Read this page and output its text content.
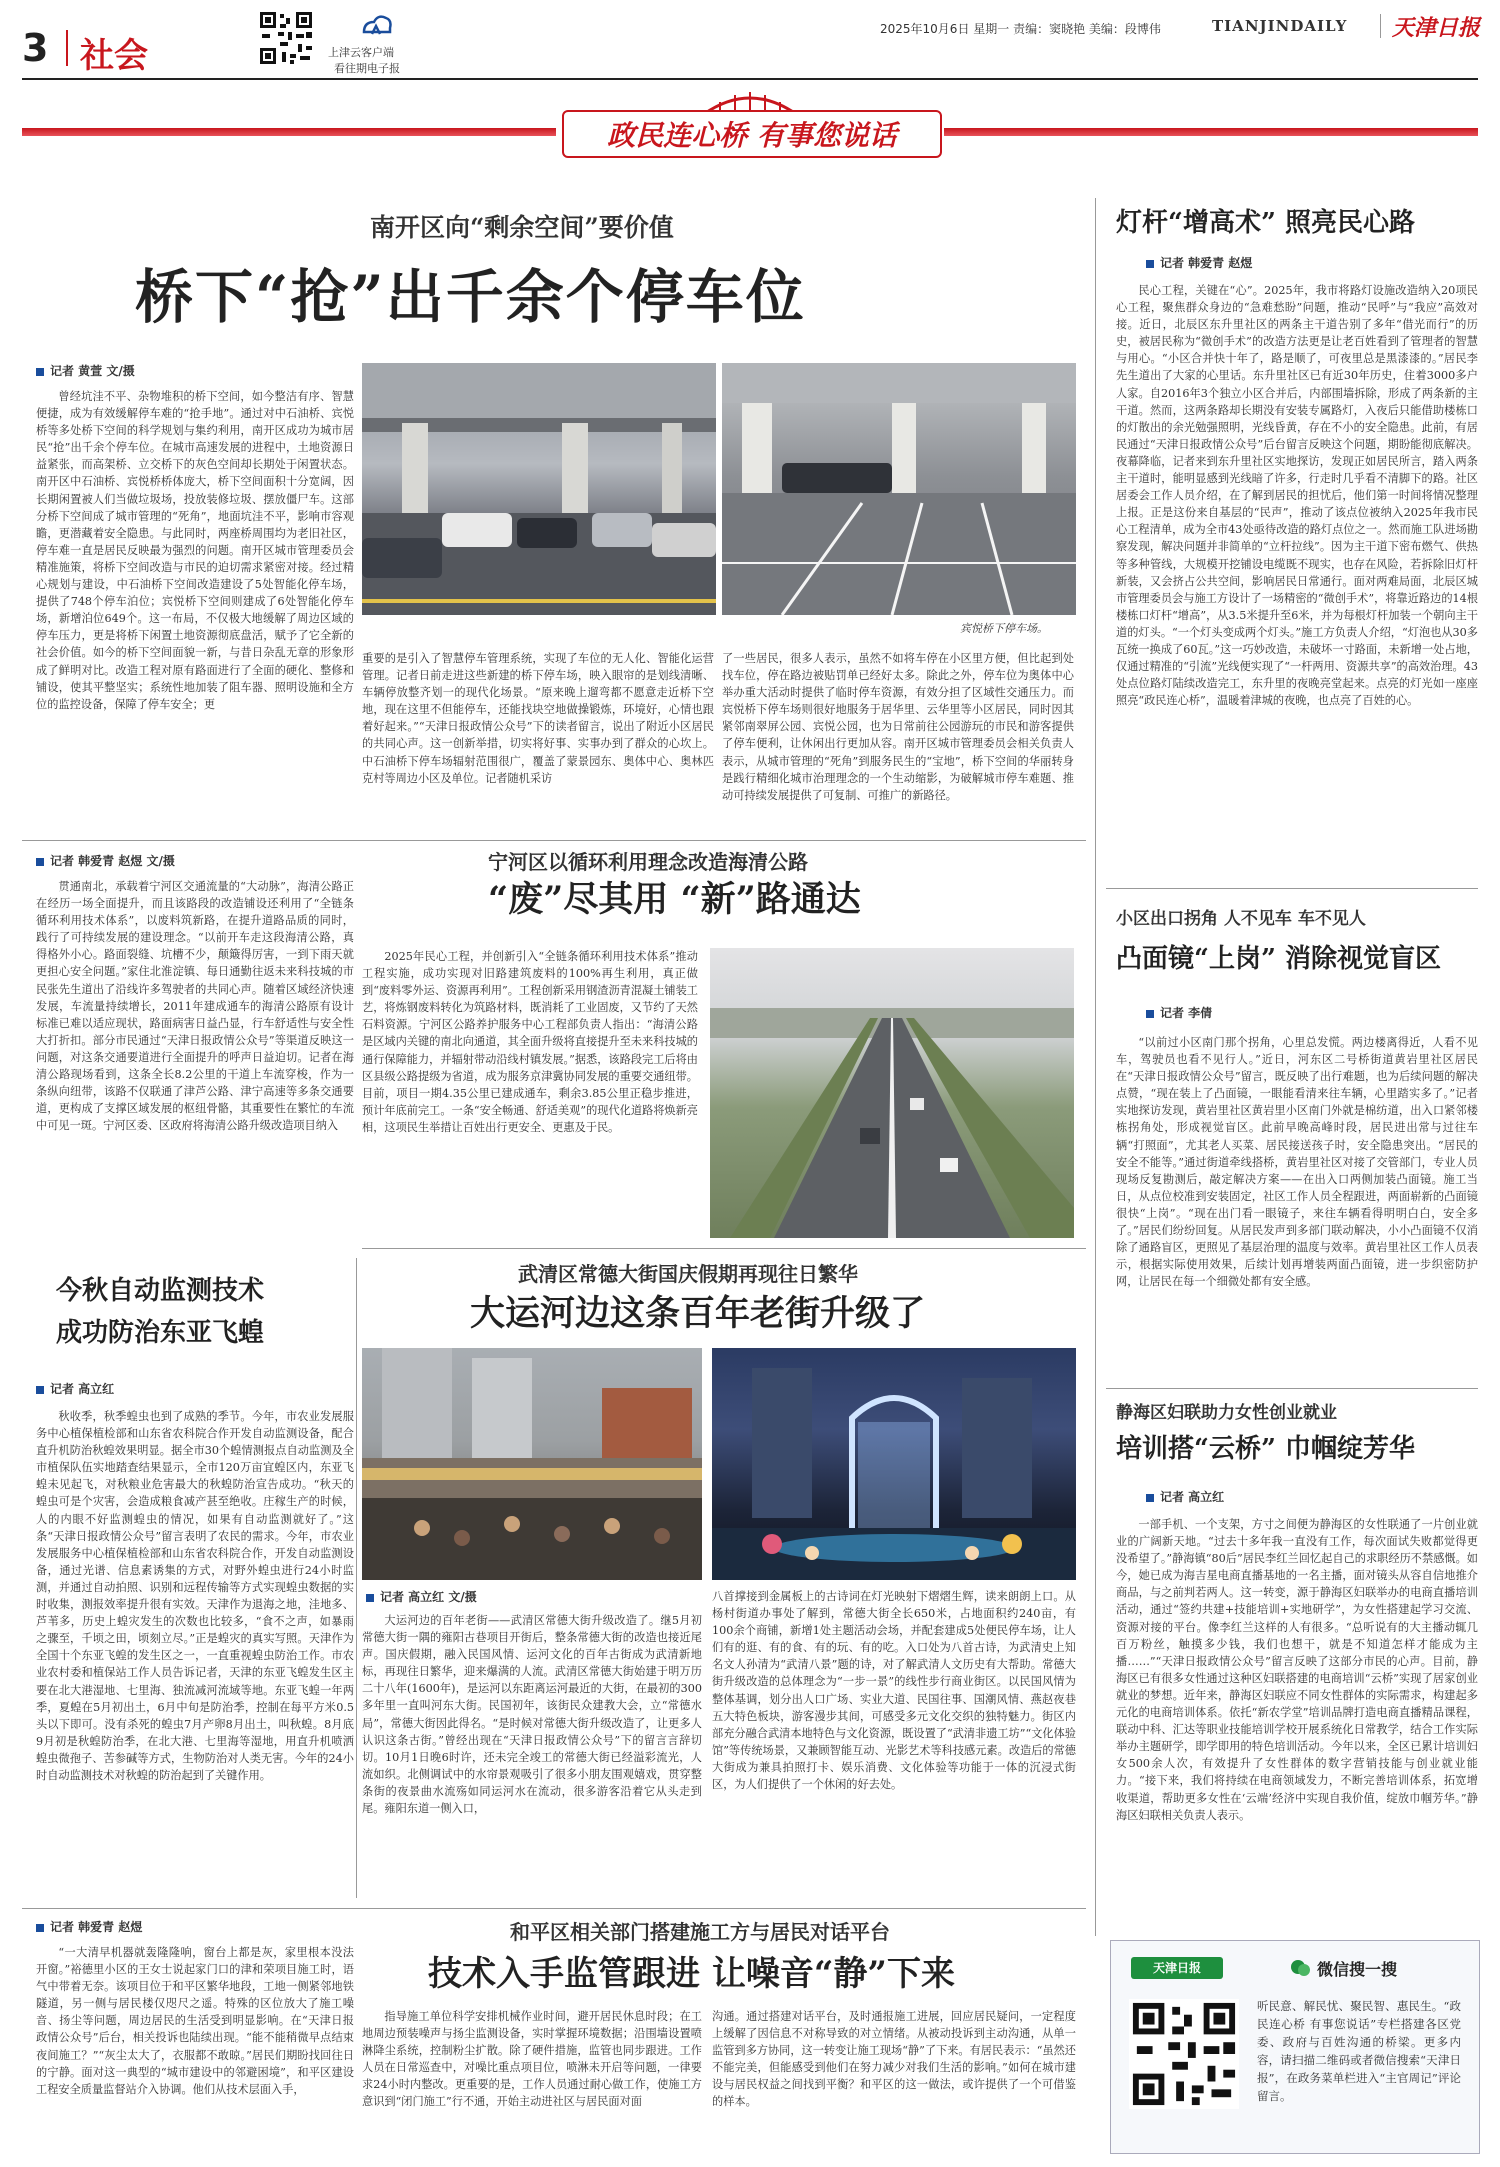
3 社会	上津云客户端
看往期电子报
2025年10月6日 星期一 责编：窦晓艳 美编：段博伟	TIANJINDAILY 天津日报
政民连心桥 有事您说话
南开区向“剩余空间”要价值
桥下“抢”出千余个停车位
记者 黄萱 文/摄

曾经坑洼不平、杂物堆积的桥下空间，如今整洁有序、智慧便捷，成为有效缓解停车难的“抢手地”。通过对中石油桥、宾悦桥等多处桥下空间的科学规划与集约利用，南开区成功为城市居民“抢”出千余个停车位。在城市高速发展的进程中，土地资源日益紧张，而高架桥、立交桥下的灰色空间却长期处于闲置状态。南开区中石油桥、宾悦桥桥体庞大，桥下空间面积十分宽阔，因长期闲置被人们当做垃圾场，投放装修垃圾、摆放僵尸车。这部分桥下空间成了城市管理的“死角”，地面坑洼不平，影响市容观瞻，更潜藏着安全隐患。与此同时，两座桥周围均为老旧社区，停车难一直是居民反映最为强烈的问题。南开区城市管理委员会精准施策，将桥下空间改造与市民的迫切需求紧密对接。经过精心规划与建设，中石油桥下空间改造建设了5处智能化停车场，提供了748个停车泊位；宾悦桥下空间则建成了6处智能化停车场，新增泊位649个。这一布局，不仅极大地缓解了周边区域的停车压力，更是将桥下闲置土地资源彻底盘活，赋予了它全新的社会价值。如今的桥下空间面貌一新，与昔日杂乱无章的形象形成了鲜明对比。改造工程对原有路面进行了全面的硬化、整修和铺设，使其平整坚实；系统性地加装了阻车器、照明设施和全方位的监控设备，保障了停车安全；更

重要的是引入了智慧停车管理系统，实现了车位的无人化、智能化运营管理。记者日前走进这些新建的桥下停车场，映入眼帘的是划线清晰、车辆停放整齐划一的现代化场景。“原来晚上遛弯都不愿意走近桥下空地，现在这里不但能停车，还能找块空地做操锻炼，环境好，心情也跟着好起来。”“天津日报政情公众号”下的读者留言，说出了附近小区居民的共同心声。这一创新举措，切实将好事、实事办到了群众的心坎上。中石油桥下停车场辐射范围很广，覆盖了蒙景园东、奥体中心、奥林匹克村等周边小区及单位。记者随机采访

了一些居民，很多人表示，虽然不如将车停在小区里方便，但比起到处找车位，停在路边被贴罚单已经好太多。除此之外，停车位为奥体中心举办重大活动时提供了临时停车资源，有效分担了区域性交通压力。而宾悦桥下停车场则很好地服务于居华里、云华里等小区居民，同时因其紧邻南翠屏公园、宾悦公园，也为日常前往公园游玩的市民和游客提供了停车便利，让休闲出行更加从容。南开区城市管理委员会相关负责人表示，从城市管理的“死角”到服务民生的“宝地”，桥下空间的华丽转身是践行精细化城市治理理念的一个生动缩影，为破解城市停车难题、推动可持续发展提供了可复制、可推广的新路径。

宾悦桥下停车场。
记者 韩爱青 赵煜 文/摄

贯通南北，承载着宁河区交通流量的“大动脉”，海清公路正在经历一场全面提升，而且该路段的改造铺设还利用了“全链条循环利用技术体系”，以废料筑新路，在提升道路品质的同时，践行了可持续发展的建设理念。“以前开车走这段海清公路，真得格外小心。路面裂缝、坑槽不少，颠簸得厉害，一到下雨天就更担心安全问题。”家住北淮淀镇、每日通勤往返未来科技城的市民张先生道出了沿线许多驾驶者的共同心声。随着区域经济快速发展，车流量持续增长，2011年建成通车的海清公路原有设计标准已难以适应现状，路面病害日益凸显，行车舒适性与安全性大打折扣。部分市民通过“天津日报政情公众号”等渠道反映这一问题，对这条交通要道进行全面提升的呼声日益迫切。记者在海清公路现场看到，这条全长8.2公里的干道上车流穿梭，作为一条纵向纽带，该路不仅联通了津芦公路、津宁高速等多条交通要道，更构成了支撑区域发展的枢纽骨骼，其重要性在繁忙的车流中可见一斑。宁河区委、区政府将海清公路升级改造项目纳入

宁河区以循环利用理念改造海清公路
“废”尽其用 “新”路通达

2025年民心工程，并创新引入“全链条循环利用技术体系”推动工程实施，成功实现对旧路建筑废料的100%再生利用，真正做到“废料零外运、资源再利用”。工程创新采用钢渣沥青混凝土铺装工艺，将炼钢废料转化为筑路材料，既消耗了工业固废，又节约了天然石料资源。宁河区公路养护服务中心工程部负责人指出：“海清公路是区域内关键的南北向通道，其全面升级将直接提升至未来科技城的通行保障能力，并辐射带动沿线村镇发展。”据悉，该路段完工后将由区县级公路提级为省道，成为服务京津冀协同发展的重要交通纽带。目前，项目一期4.35公里已建成通车，剩余3.85公里正稳步推进，预计年底前完工。一条“安全畅通、舒适美观”的现代化道路将焕新亮相，这项民生举措让百姓出行更安全、更惠及于民。

今秋自动监测技术
成功防治东亚飞蝗
记者 高立红

秋收季，秋季蝗虫也到了成熟的季节。今年，市农业发展服务中心植保植检部和山东省农科院合作开发自动监测设备，配合直升机防治秋蝗效果明显。据全市30个蝗情测报点自动监测及全市植保队伍实地踏查结果显示，全市120万亩宜蝗区内，东亚飞蝗未见起飞，对秋粮业危害最大的秋蝗防治宣告成功。“秋天的蝗虫可是个灾害，会造成粮食减产甚至绝收。庄稼生产的时候，人的内眼不好监测蝗虫的情况，如果有自动监测就好了。”这条“天津日报政情公众号”留言表明了农民的需求。今年，市农业发展服务中心植保植检部和山东省农科院合作，开发自动监测设备，通过光谱、信息素诱集的方式，对野外蝗虫进行24小时监测，并通过自动拍照、识别和远程传输等方式实现蝗虫数据的实时收集，测报效率提升很有实效。天津作为退海之地，洼地多、芦苇多，历史上蝗灾发生的次数也比较多，“食不之声，如暴雨之骤至，千顷之田，顷刻立尽。”正是蝗灾的真实写照。天津作为全国十个东亚飞蝗的发生区之一，一直重视蝗虫防治工作。市农业农村委和植保站工作人员告诉记者，天津的东亚飞蝗发生区主要在北大港湿地、七里海、独流减河流域等地。东亚飞蝗一年两季，夏蝗在5月初出土，6月中旬是防治季，控制在每平方米0.5头以下即可。没有杀死的蝗虫7月产卵8月出土，叫秋蝗。8月底9月初是秋蝗防治季，在北大港、七里海等湿地，用直升机喷洒蝗虫微孢子、苦参碱等方式，生物防治对人类无害。今年的24小时自动监测技术对秋蝗的防治起到了关键作用。

武清区常德大街国庆假期再现往日繁华
大运河边这条百年老街升级了
记者 高立红 文/摄

大运河边的百年老街——武清区常德大街升级改造了。继5月初常德大街一隅的雍阳古巷项目开街后，整条常德大街的改造也接近尾声。国庆假期，融入民国风情、运河文化的百年古街成为武清新地标，再现往日繁华，迎来爆满的人流。武清区常德大街始建于明万历二十八年(1600年)，是运河以东距离运河最近的大街，在最初的300多年里一直叫河东大街。民国初年，该街民众建教大会，立“常德水局”，常德大街因此得名。“是时候对常德大街升级改造了，让更多人认识这条古街。”曾经出现在“天津日报政情公众号”下的留言言辞切切。10月1日晚6时许，还未完全竣工的常德大街已经溢彩流光，人流如织。北侧调试中的水帘景观吸引了很多小朋友围观嬉戏，贯穿整条街的夜景曲水流殇如同运河水在流动，很多游客沿着它从头走到尾。雍阳东道一侧入口，

八首撑接到金属板上的古诗词在灯光映射下熠熠生辉，读来朗朗上口。从杨村街道办事处了解到，常德大街全长650米，占地面积约240亩，有100余个商铺，新增1处主题活动会场，并配套建成5处便民停车场，让人们有的逛、有的食、有的玩、有的吃。入口处为八首古诗，为武清史上知名文人孙清为“武清八景”题的诗，对了解武清人文历史有大帮助。常德大街升级改造的总体理念为“一步一景”的线性步行商业街区。以民国风情为整体基调，划分出人口广场、实业大道、民国往事、国潮风情、燕赵夜巷五大特色板块，游客漫步其间，可感受多元文化交织的独特魅力。街区内部充分融合武清本地特色与文化资源，既设置了“武清非遗工坊”“文化体验馆”等传统场景，又兼顾智能互动、光影艺术等科技感元素。改造后的常德大街成为兼具拍照打卡、娱乐消费、文化体验等功能于一体的沉浸式街区，为人们提供了一个休闲的好去处。

记者 韩爱青 赵煜

“一大清早机器就轰隆隆响，窗台上都是灰，家里根本没法开窗。”裕德里小区的王女士说起家门口的津和荣项目施工时，语气中带着无奈。该项目位于和平区繁华地段，工地一侧紧邻地铁隧道，另一侧与居民楼仅咫尺之遥。特殊的区位放大了施工噪音、扬尘等问题，周边居民的生活受到明显影响。在“天津日报政情公众号”后台，相关投诉也陆续出现。“能不能稍微早点结束夜间施工？”“灰尘太大了，衣服都不敢晾。”居民们期盼找回往日的宁静。面对这一典型的“城市建设中的邻避困境”，和平区建设工程安全质量监督站介入协调。他们从技术层面入手，

和平区相关部门搭建施工方与居民对话平台
技术入手监管跟进 让噪音“静”下来

指导施工单位科学安排机械作业时间，避开居民休息时段；在工地周边预装噪声与扬尘监测设备，实时掌握环境数据；沿围墙设置喷淋降尘系统，控制粉尘扩散。除了硬件措施，监管也同步跟进。工作人员在日常巡查中，对噪比重点项目位，喷淋未开启等问题，一律要求24小时内整改。更重要的是，工作人员通过耐心做工作，使施工方意识到“闭门施工”行不通，开始主动进社区与居民面对面

沟通。通过搭建对话平台，及时通报施工进展，回应居民疑问，一定程度上缓解了因信息不对称导致的对立情绪。从被动投诉到主动沟通，从单一监管到多方协同，这一转变让施工现场“静”了下来。有居民表示：“虽然还不能完美，但能感受到他们在努力减少对我们生活的影响。”如何在城市建设与居民权益之间找到平衡？和平区的这一做法，或许提供了一个可借鉴的样本。

灯杆“增高术” 照亮民心路
记者 韩爱青 赵煜

民心工程，关键在“心”。2025年，我市将路灯设施改造纳入20项民心工程，聚焦群众身边的“急难愁盼”问题，推动“民呼”与“我应”高效对接。近日，北辰区东升里社区的两条主干道告别了多年“借光而行”的历史，被居民称为“微创手术”的改造方法更是让老百姓看到了管理者的智慧与用心。“小区合并快十年了，路是顺了，可夜里总是黑漆漆的。”居民李先生道出了大家的心里话。东升里社区已有近30年历史，住着3000多户人家。自2016年3个独立小区合并后，内部围墙拆除，形成了两条新的主干道。然而，这两条路却长期没有安装专属路灯，入夜后只能借助楼栋口的灯散出的余光勉强照明，光线昏黄，存在不小的安全隐患。此前，有居民通过“天津日报政情公众号”后台留言反映这个问题，期盼能彻底解决。夜幕降临，记者来到东升里社区实地探访，发现正如居民所言，踏入两条主干道时，能明显感到光线暗了许多，行走时几乎看不清脚下的路。社区居委会工作人员介绍，在了解到居民的担忧后，他们第一时间将情况整理上报。正是这份来自基层的“民声”，推动了该点位被纳入2025年我市民心工程清单，成为全市43处亟待改造的路灯点位之一。然而施工队进场勘察发现，解决问题并非简单的“立杆拉线”。因为主干道下密布燃气、供热等多种管线，大规模开挖铺设电缆既不现实，也存在风险，若拆除旧灯杆新装，又会挤占公共空间，影响居民日常通行。面对两难局面，北辰区城市管理委员会与施工方设计了一场精密的“微创手术”，将靠近路边的14根楼栋口灯杆“增高”，从3.5米提升至6米，并为每根灯杆加装一个朝向主干道的灯头。“一个灯头变成两个灯头。”施工方负责人介绍，“灯泡也从30多瓦统一换成了60瓦。”这一巧妙改造，未破坏一寸路面，未新增一处占地，仅通过精准的“引流”光线便实现了“一杆两用、资源共享”的高效治理。43处点位路灯陆续改造完工，东升里的夜晚亮堂起来。点亮的灯光如一座座照亮“政民连心桥”，温暖着津城的夜晚，也点亮了百姓的心。

小区出口拐角 人不见车 车不见人
凸面镜“上岗” 消除视觉盲区
记者 李倩

“以前过小区南门那个拐角，心里总发慌。两边楼离得近，人看不见车，驾驶员也看不见行人。”近日，河东区二号桥街道黄岩里社区居民在“天津日报政情公众号”留言，既反映了出行难题，也为后续问题的解决点赞，“现在装上了凸面镜，一眼能看清来往车辆，心里踏实多了。”记者实地探访发现，黄岩里社区黄岩里小区南门外就是棉纺道，出入口紧邻楼栋拐角处，形成视觉盲区。此前早晚高峰时段，居民进出常与过往车辆“打照面”，尤其老人买菜、居民接送孩子时，安全隐患突出。“居民的安全不能等。”通过街道牵线搭桥，黄岩里社区对接了交管部门，专业人员现场反复勘测后，敲定解决方案——在出入口两侧加装凸面镜。施工当日，从点位校准到安装固定，社区工作人员全程跟进，两面崭新的凸面镜很快“上岗”。“现在出门看一眼镜子，来往车辆看得明明白白，安全多了。”居民们纷纷回复。从居民发声到多部门联动解决，小小凸面镜不仅消除了通路盲区，更照见了基层治理的温度与效率。黄岩里社区工作人员表示，根据实际使用效果，后续计划再增装两面凸面镜，进一步织密防护网，让居民在每一个细微处都有安全感。

静海区妇联助力女性创业就业
培训搭“云桥” 巾帼绽芳华
记者 高立红

一部手机、一个支架，方寸之间便为静海区的女性联通了一片创业就业的广阔新天地。“过去十多年我一直没有工作，每次面试失败都觉得更没希望了。”静海镇“80后”居民李红兰回忆起自己的求职经历不禁感慨。如今，她已成为海吉星电商直播基地的一名主播，面对镜头从容自信地推介商品，与之前判若两人。这一转变，源于静海区妇联举办的电商直播培训活动，通过“签约共建+技能培训+实地研学”，为女性搭建起学习交流、资源对接的平台。像李红兰这样的人有很多。“总听说有的大主播动辄几百万粉丝，触摸多少钱，我们也想干，就是不知道怎样才能成为主播……”“天津日报政情公众号”留言反映了这部分市民的心声。目前，静海区已有很多女性通过这种区妇联搭建的电商培训“云桥”实现了居家创业就业的梦想。近年来，静海区妇联应不同女性群体的实际需求，构建起多元化的电商培训体系。依托“新农学堂”培训品牌打造电商直播精品课程，联动中科、汇达等职业技能培训学校开展系统化日常教学，结合工作实际举办主题研学，即学即用的特色培训活动。今年以来，全区已累计培训妇女500余人次，有效提升了女性群体的数字营销技能与创业就业能力。“接下来，我们将持续在电商领域发力，不断完善培训体系，拓宽增收渠道，帮助更多女性在‘云端’经济中实现自我价值，绽放巾帼芳华。”静海区妇联相关负责人表示。

天津日报	微信搜一搜

听民意、解民忧、聚民智、惠民生。“政民连心桥 有事您说话”专栏搭建各区党委、政府与百姓沟通的桥梁。更多内容，请扫描二维码或者微信搜索“天津日报”，在政务菜单栏进入“主官周记”评论留言。
